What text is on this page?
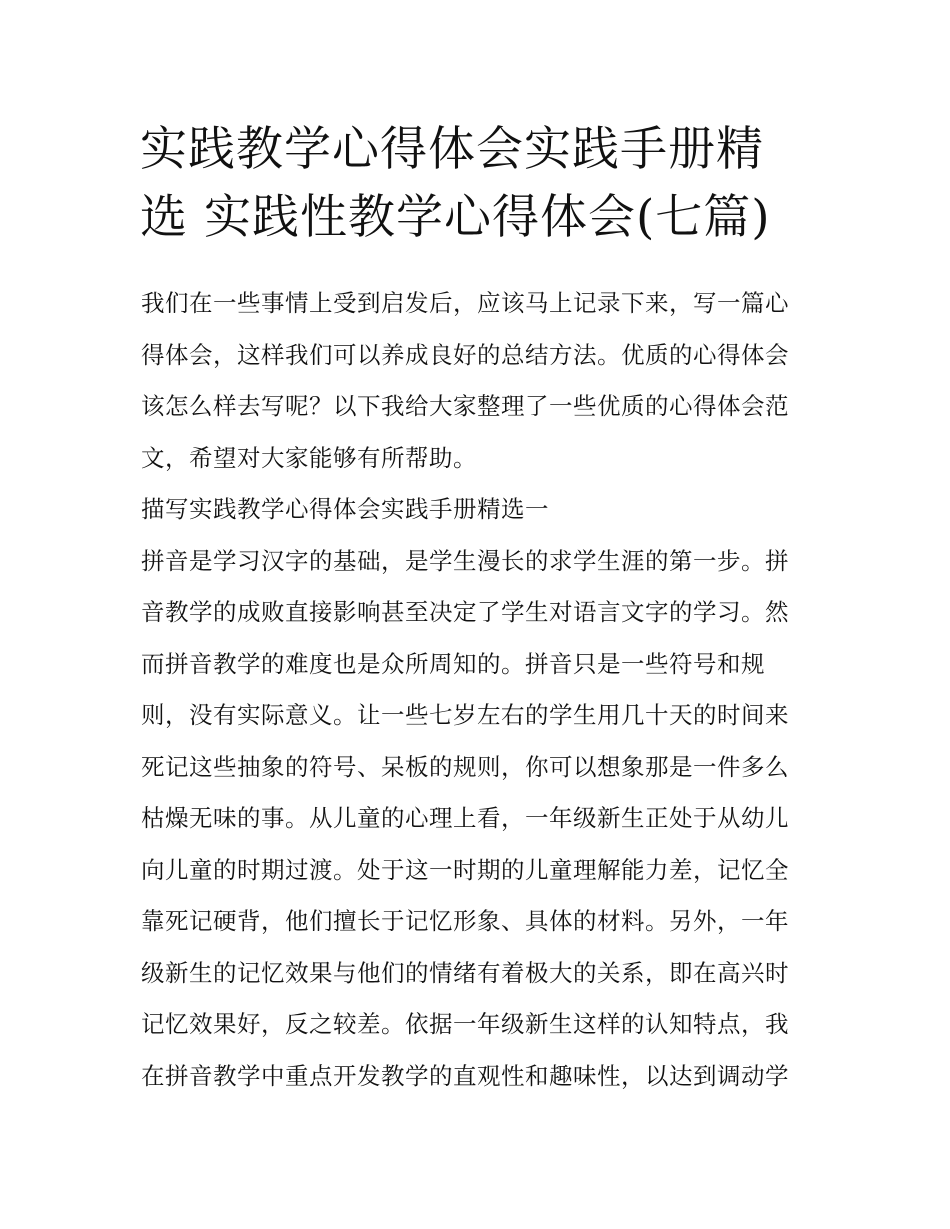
实践教学心得体会实践手册精
选 实践性教学心得体会(七篇)
我们在一些事情上受到启发后，应该马上记录下来，写一篇心
得体会，这样我们可以养成良好的总结方法。优质的心得体会
该怎么样去写呢？以下我给大家整理了一些优质的心得体会范
文，希望对大家能够有所帮助。
描写实践教学心得体会实践手册精选一
拼音是学习汉字的基础，是学生漫长的求学生涯的第一步。拼
音教学的成败直接影响甚至决定了学生对语言文字的学习。然
而拼音教学的难度也是众所周知的。拼音只是一些符号和规
则，没有实际意义。让一些七岁左右的学生用几十天的时间来
死记这些抽象的符号、呆板的规则，你可以想象那是一件多么
枯燥无味的事。从儿童的心理上看，一年级新生正处于从幼儿
向儿童的时期过渡。处于这一时期的儿童理解能力差，记忆全
靠死记硬背，他们擅长于记忆形象、具体的材料。另外，一年
级新生的记忆效果与他们的情绪有着极大的关系，即在高兴时
记忆效果好，反之较差。依据一年级新生这样的认知特点，我
在拼音教学中重点开发教学的直观性和趣味性，以达到调动学
